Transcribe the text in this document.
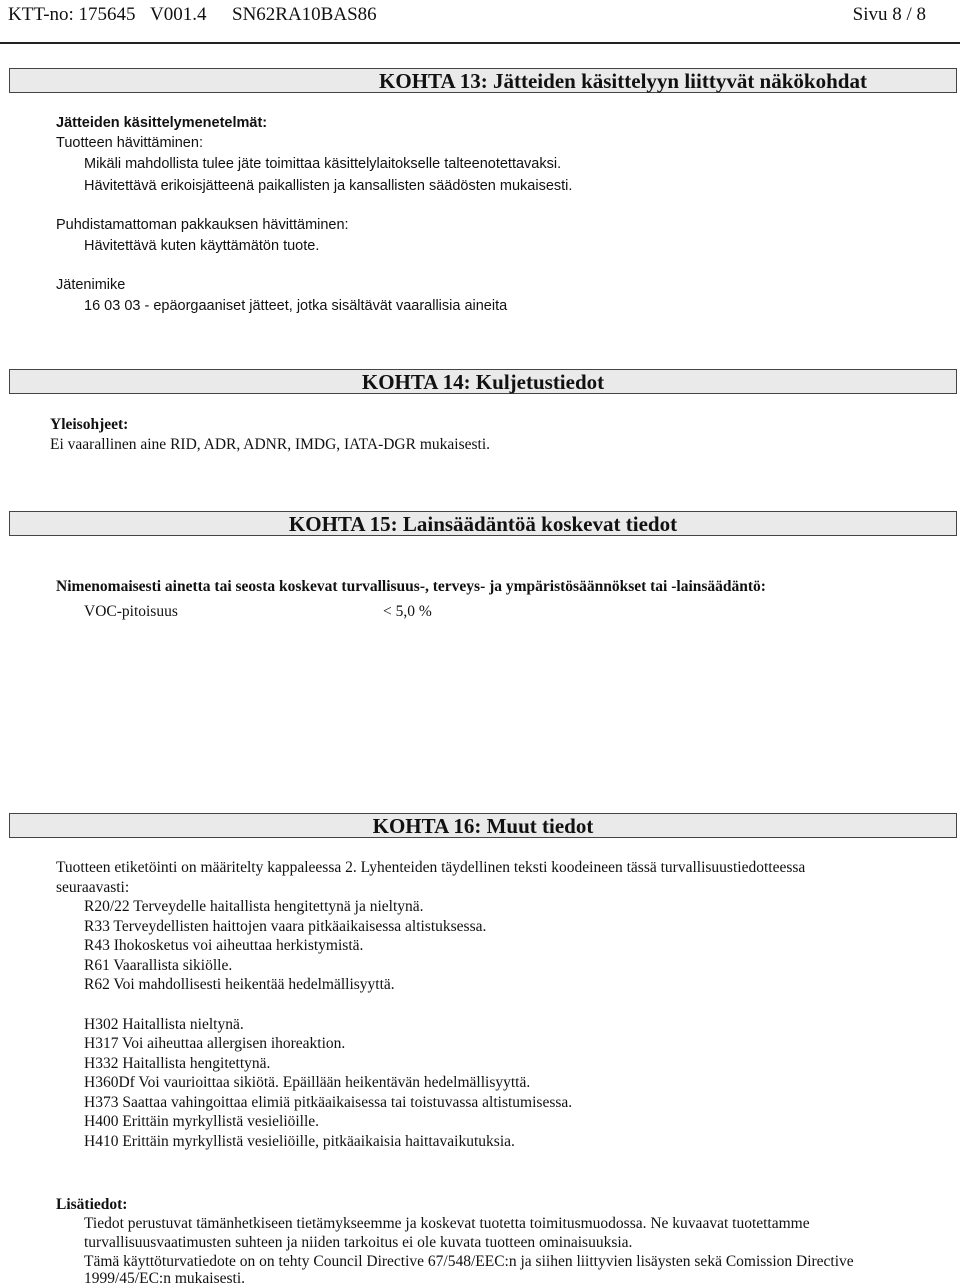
KTT-no: 175645 V001.4 SN62RA10BAS86	Sivu 8 / 8
KOHTA 13: Jätteiden käsittelyyn liittyvät näkökohdat
Jätteiden käsittelymenetelmät:
Tuotteen hävittäminen:
Mikäli mahdollista tulee jäte toimittaa käsittelylaitokselle talteenotettavaksi.
Hävitettävä erikoisjätteenä paikallisten ja kansallisten säädösten mukaisesti.
Puhdistamattoman pakkauksen hävittäminen:
Hävitettävä kuten käyttämätön tuote.
Jätenimike
16 03 03 - epäorgaaniset jätteet, jotka sisältävät vaarallisia aineita
KOHTA 14: Kuljetustiedot
Yleisohjeet:
Ei vaarallinen aine RID, ADR, ADNR, IMDG, IATA-DGR mukaisesti.
KOHTA 15: Lainsäädäntöä koskevat tiedot
Nimenomaisesti ainetta tai seosta koskevat turvallisuus-, terveys- ja ympäristösäännökset tai -lainsäädäntö:
VOC-pitoisuus	< 5,0 %
KOHTA 16: Muut tiedot
Tuotteen etiketöinti on määritelty kappaleessa 2. Lyhenteiden täydellinen teksti koodeineen tässä turvallisuustiedotteessa
seuraavasti:
R20/22 Terveydelle haitallista hengitettynä ja nieltynä.
R33 Terveydellisten haittojen vaara pitkäaikaisessa altistuksessa.
R43 Ihokosketus voi aiheuttaa herkistymistä.
R61 Vaarallista sikiölle.
R62 Voi mahdollisesti heikentää hedelmällisyyttä.
H302 Haitallista nieltynä.
H317 Voi aiheuttaa allergisen ihoreaktion.
H332 Haitallista hengitettynä.
H360Df Voi vaurioittaa sikiötä. Epäillään heikentävän hedelmällisyyttä.
H373 Saattaa vahingoittaa elimiä pitkäaikaisessa tai toistuvassa altistumisessa.
H400 Erittäin myrkyllistä vesieliöille.
H410 Erittäin myrkyllistä vesieliöille, pitkäaikaisia haittavaikutuksia.
Lisätiedot:
Tiedot perustuvat tämänhetkiseen tietämykseemme ja koskevat tuotetta toimitusmuodossa. Ne kuvaavat tuotettamme
turvallisuusvaatimusten suhteen ja niiden tarkoitus ei ole kuvata tuotteen ominaisuuksia.
Tämä käyttöturvatiedote on on tehty Council Directive 67/548/EEC:n ja siihen liittyvien lisäysten sekä Comission Directive
1999/45/EC:n mukaisesti.
